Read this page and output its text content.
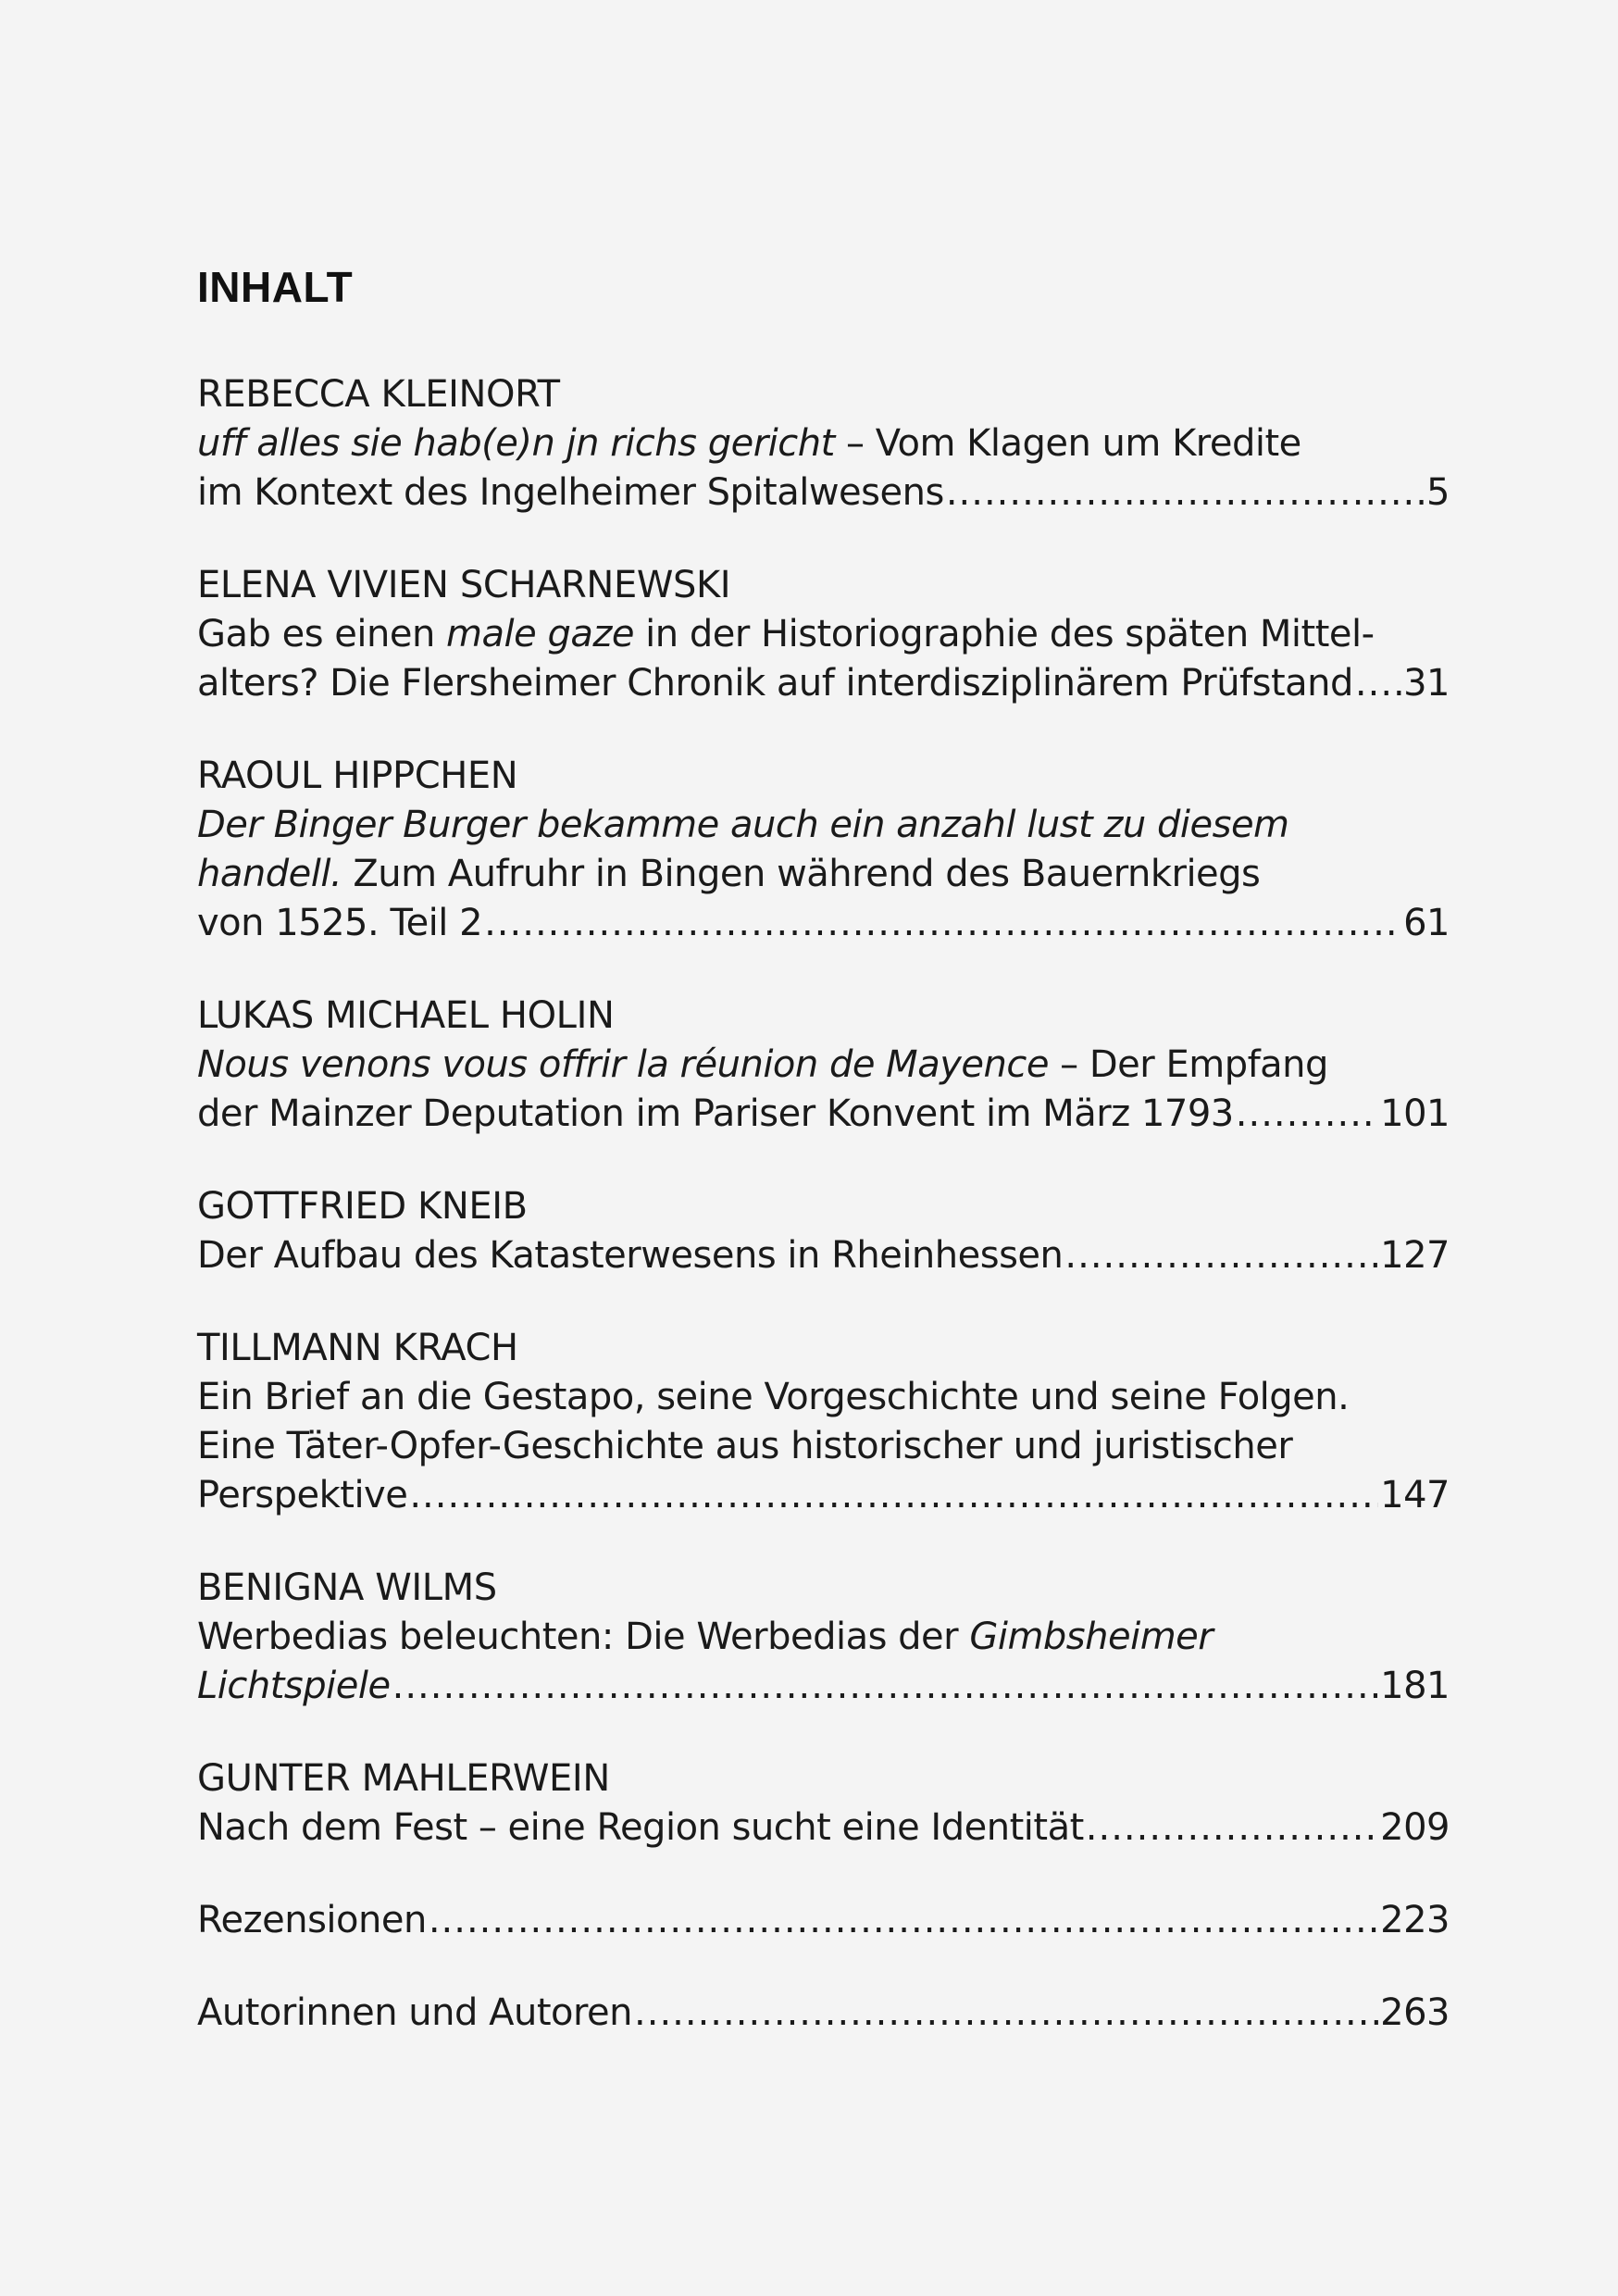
INHALT
REBECCA KLEINORT
uff alles sie hab(e)n jn richs gericht – Vom Klagen um Kredite
im Kontext des Ingelheimer Spitalwesens .....	5
ELENA VIVIEN SCHARNEWSKI
Gab es einen male gaze in der Historiographie des späten Mittel-
alters? Die Flersheimer Chronik auf interdisziplinärem Prüfstand ..... 31
RAOUL HIPPCHEN
Der Binger Burger bekamme auch ein anzahl lust zu diesem
handell. Zum Aufruhr in Bingen während des Bauernkriegs
von 1525. Teil 2 .....	61
LUKAS MICHAEL HOLIN
Nous venons vous offrir la réunion de Mayence – Der Empfang
der Mainzer Deputation im Pariser Konvent im März 1793 .....	101
GOTTFRIED KNEIB
Der Aufbau des Katasterwesens in Rheinhessen .....	127
TILLMANN KRACH
Ein Brief an die Gestapo, seine Vorgeschichte und seine Folgen.
Eine Täter-Opfer-Geschichte aus historischer und juristischer
Perspektive .....	147
BENIGNA WILMS
Werbedias beleuchten: Die Werbedias der Gimbsheimer
Lichtspiele .....	181
GUNTER MAHLERWEIN
Nach dem Fest – eine Region sucht eine Identität .....	209
Rezensionen .....	223
Autorinnen und Autoren .....	263
